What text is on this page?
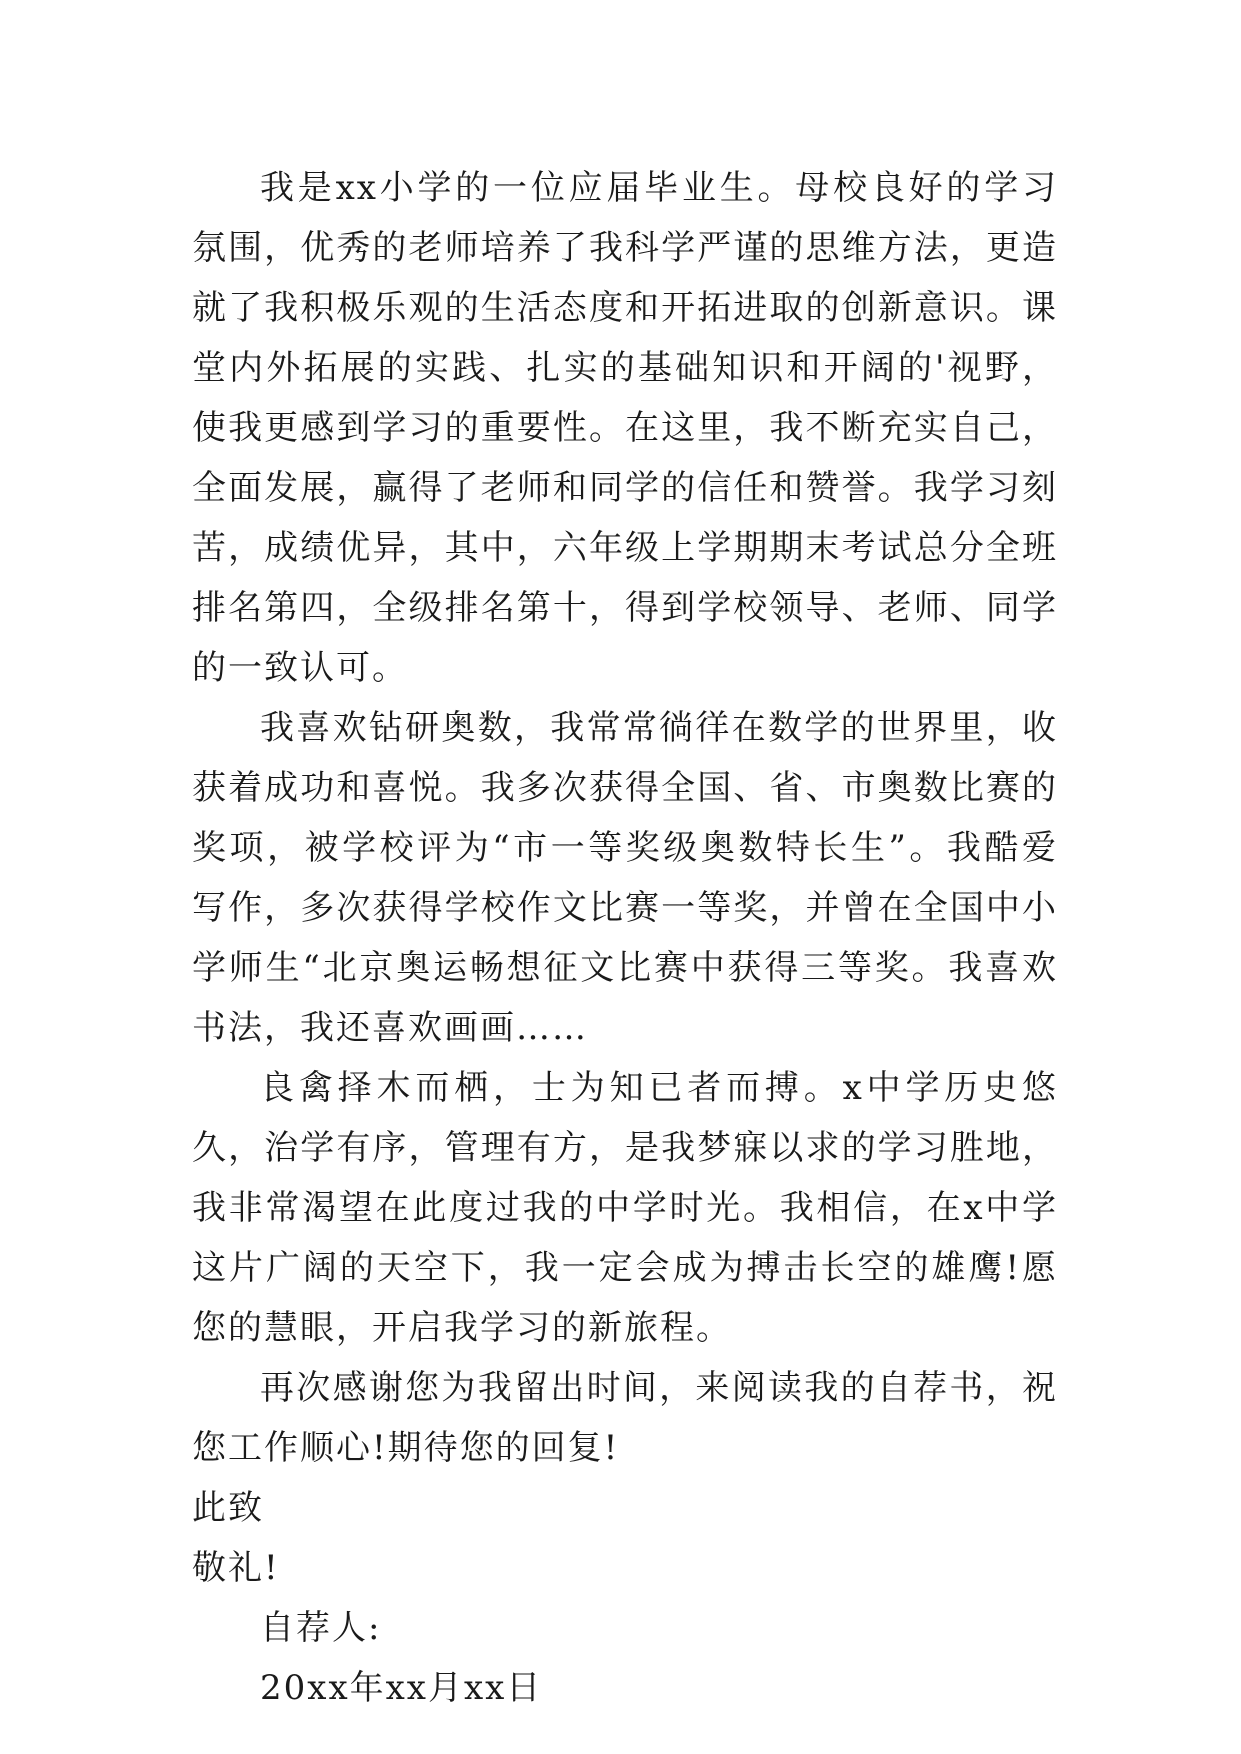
我是xx小学的一位应届毕业生。母校良好的学习氛围，优秀的老师培养了我科学严谨的思维方法，更造就了我积极乐观的生活态度和开拓进取的创新意识。课堂内外拓展的实践、扎实的基础知识和开阔的'视野，使我更感到学习的重要性。在这里，我不断充实自己，全面发展，赢得了老师和同学的信任和赞誉。我学习刻苦，成绩优异，其中，六年级上学期期末考试总分全班排名第四，全级排名第十，得到学校领导、老师、同学的一致认可。

我喜欢钻研奥数，我常常徜徉在数学的世界里，收获着成功和喜悦。我多次获得全国、省、市奥数比赛的奖项，被学校评为“市一等奖级奥数特长生”。我酷爱写作，多次获得学校作文比赛一等奖，并曾在全国中小学师生“北京奥运畅想征文比赛中获得三等奖。我喜欢书法，我还喜欢画画……

良禽择木而栖，士为知已者而搏。x中学历史悠久，治学有序，管理有方，是我梦寐以求的学习胜地，我非常渴望在此度过我的中学时光。我相信，在x中学这片广阔的天空下，我一定会成为搏击长空的雄鹰!愿您的慧眼，开启我学习的新旅程。

再次感谢您为我留出时间，来阅读我的自荐书，祝您工作顺心!期待您的回复!

此致

敬礼!

自荐人:

20xx年xx月xx日
